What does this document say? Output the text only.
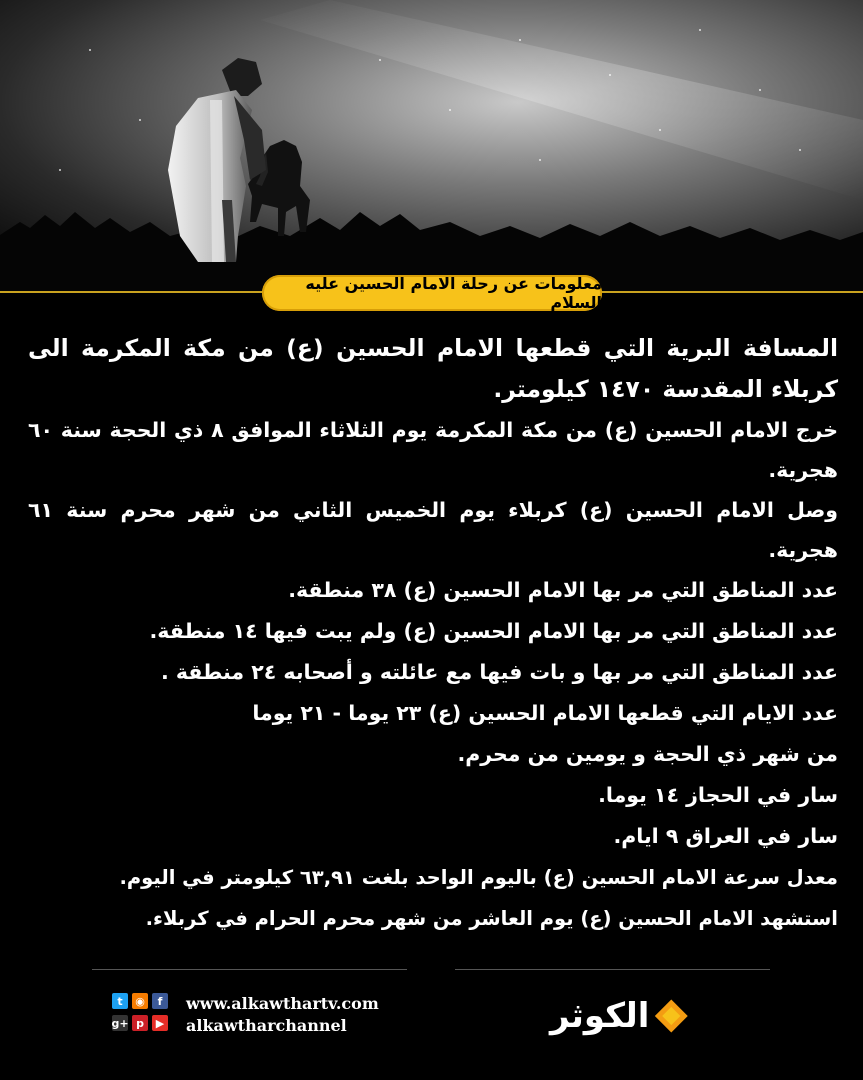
معلومات عن رحلة الامام الحسين عليه السلام

المسافة البرية التي قطعها الامام الحسين (ع) من مكة المكرمة الى كربلاء المقدسة ١٤٧٠ كيلومتر.

خرج الامام الحسين (ع) من مكة المكرمة يوم الثلاثاء الموافق ٨ ذي الحجة سنة ٦٠ هجرية.

وصل الامام الحسين (ع) كربلاء يوم الخميس الثاني من شهر محرم سنة ٦١ هجرية.

عدد المناطق التي مر بها الامام الحسين (ع) ٣٨ منطقة.

عدد المناطق التي مر بها الامام الحسين (ع) ولم يبت فيها ١٤ منطقة.

عدد المناطق التي مر بها و بات فيها مع عائلته و أصحابه ٢٤ منطقة .

عدد الايام التي قطعها الامام الحسين (ع) ٢٣ يوما - ٢١ يوما

من شهر ذي الحجة و يومين من محرم.

سار في الحجاز ١٤ يوما.

سار في العراق ٩ ايام.

معدل سرعة الامام الحسين (ع) باليوم الواحد بلغت ٦٣,٩١ كيلومتر في اليوم.

استشهد الامام الحسين (ع) يوم العاشر من شهر محرم الحرام في كربلاء.

t	◉	f
g+ p	▶
www.alkawthartv.com
alkawtharchannel	الكوثر
